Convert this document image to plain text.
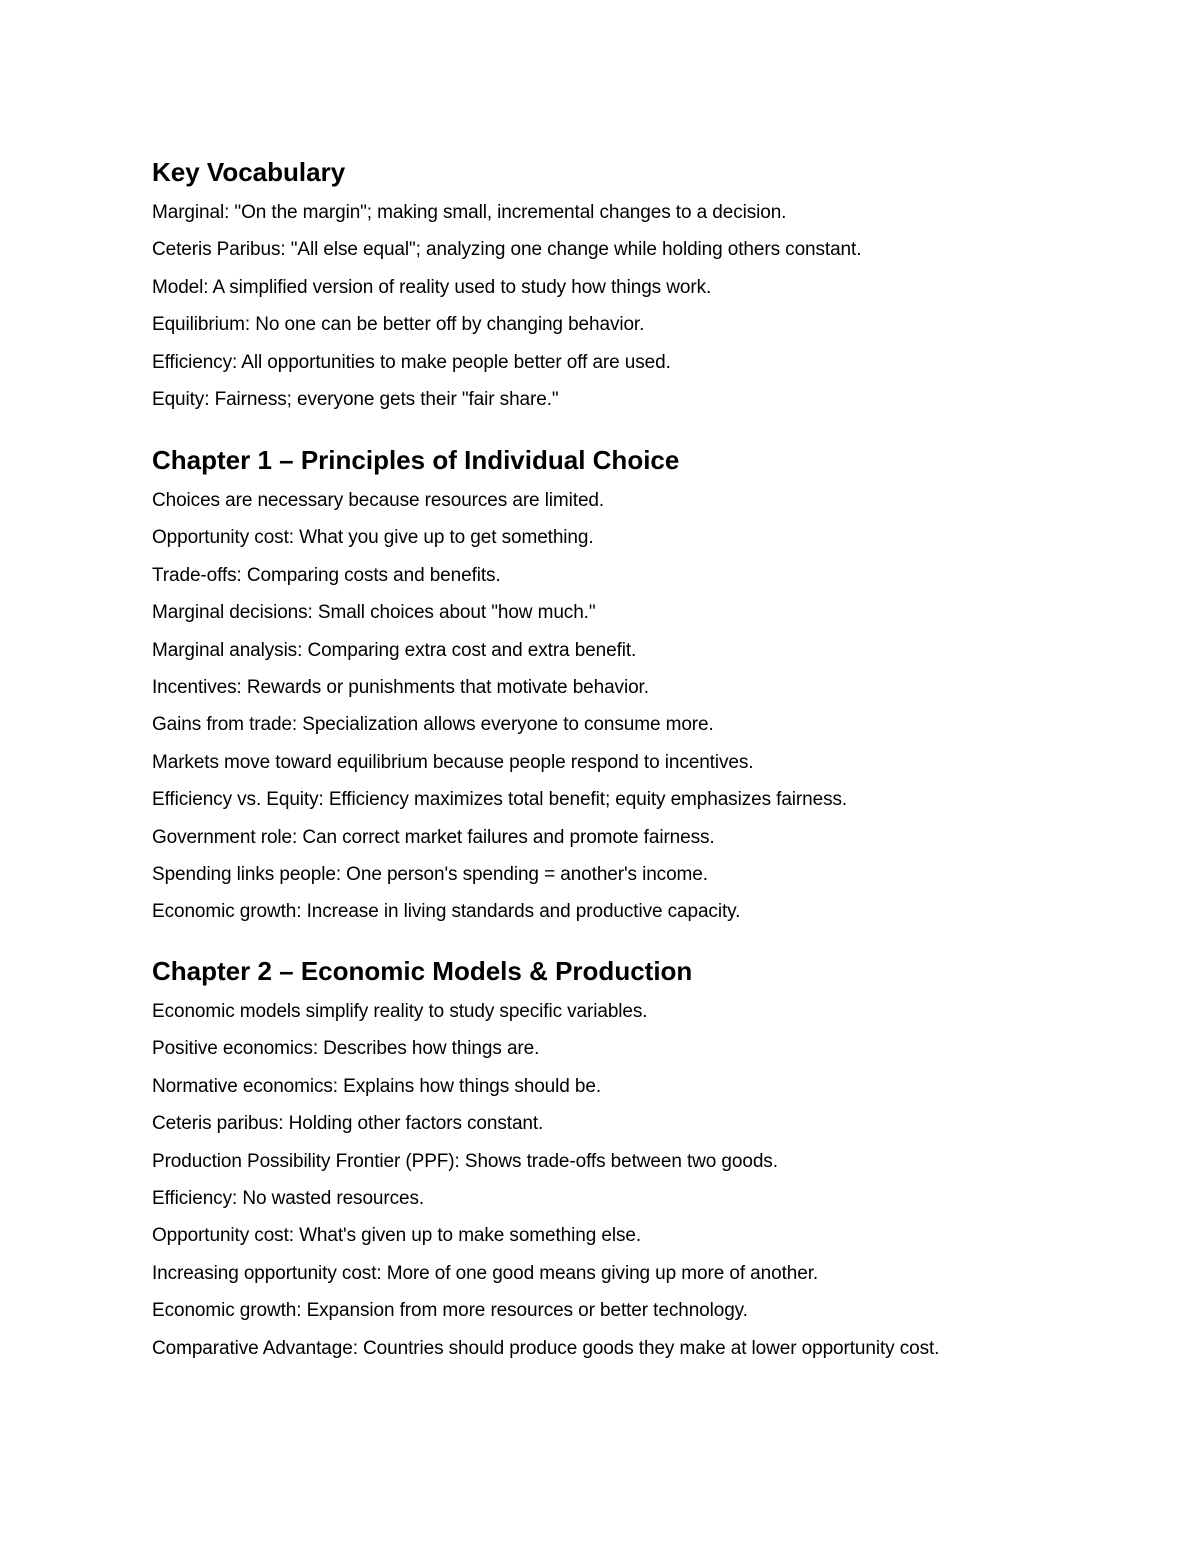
Key Vocabulary
Marginal: "On the margin"; making small, incremental changes to a decision.
Ceteris Paribus: "All else equal"; analyzing one change while holding others constant.
Model: A simplified version of reality used to study how things work.
Equilibrium: No one can be better off by changing behavior.
Efficiency: All opportunities to make people better off are used.
Equity: Fairness; everyone gets their "fair share."
Chapter 1 – Principles of Individual Choice
Choices are necessary because resources are limited.
Opportunity cost: What you give up to get something.
Trade-offs: Comparing costs and benefits.
Marginal decisions: Small choices about "how much."
Marginal analysis: Comparing extra cost and extra benefit.
Incentives: Rewards or punishments that motivate behavior.
Gains from trade: Specialization allows everyone to consume more.
Markets move toward equilibrium because people respond to incentives.
Efficiency vs. Equity: Efficiency maximizes total benefit; equity emphasizes fairness.
Government role: Can correct market failures and promote fairness.
Spending links people: One person's spending = another's income.
Economic growth: Increase in living standards and productive capacity.
Chapter 2 – Economic Models & Production
Economic models simplify reality to study specific variables.
Positive economics: Describes how things are.
Normative economics: Explains how things should be.
Ceteris paribus: Holding other factors constant.
Production Possibility Frontier (PPF): Shows trade-offs between two goods.
Efficiency: No wasted resources.
Opportunity cost: What's given up to make something else.
Increasing opportunity cost: More of one good means giving up more of another.
Economic growth: Expansion from more resources or better technology.
Comparative Advantage: Countries should produce goods they make at lower opportunity cost.
